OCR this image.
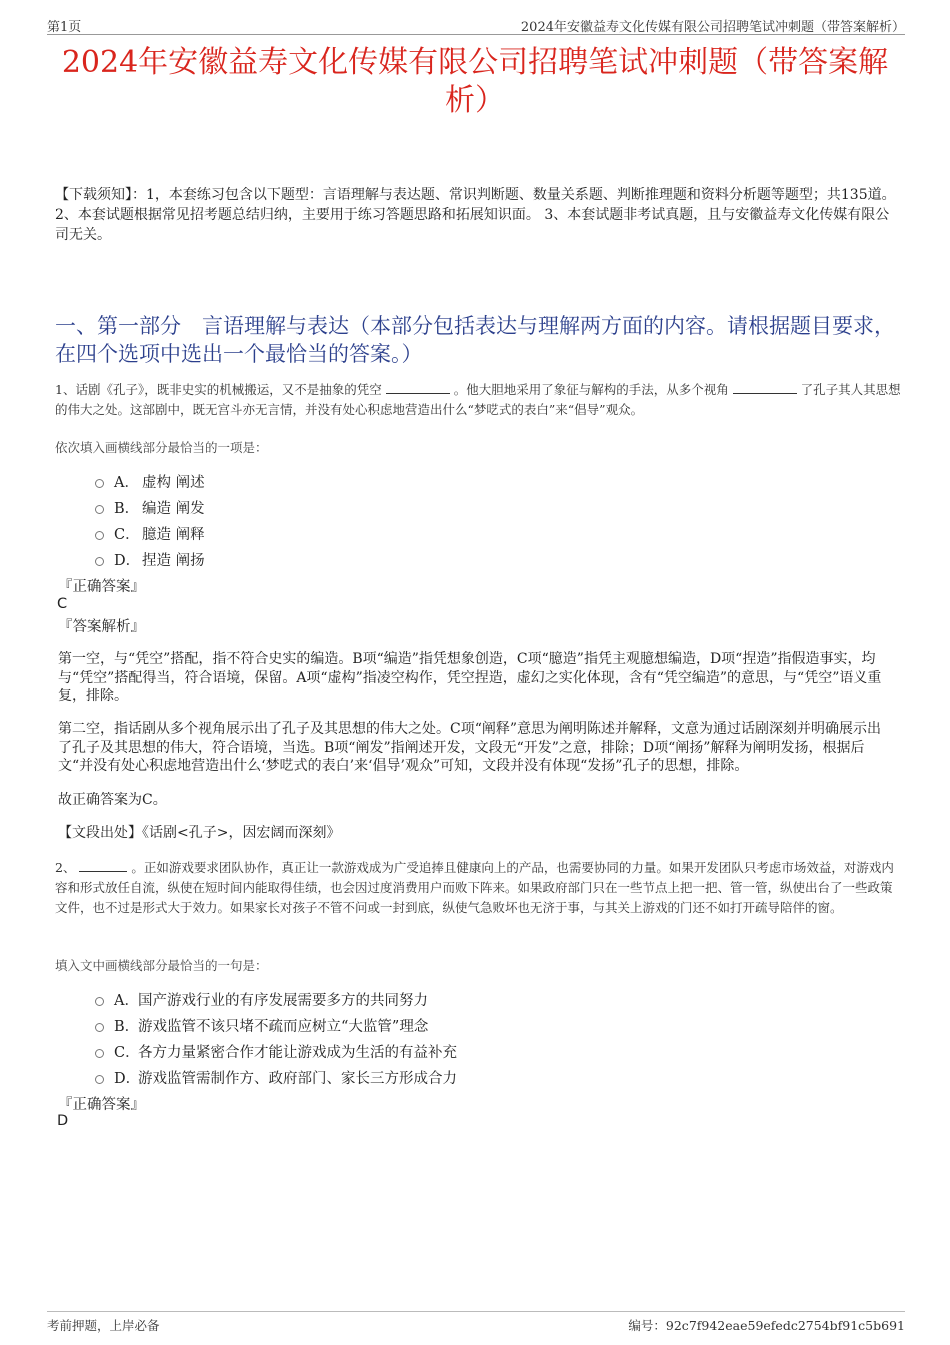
第1页	2024年安徽益寿文化传媒有限公司招聘笔试冲刺题（带答案解析）
2024年安徽益寿文化传媒有限公司招聘笔试冲刺题（带答案解析）
【下载须知】：1，本套练习包含以下题型：言语理解与表达题、常识判断题、数量关系题、判断推理题和资料分析题等题型；共135道。 2、本套试题根据常见招考题总结归纳，主要用于练习答题思路和拓展知识面。 3、本套试题非考试真题，且与安徽益寿文化传媒有限公司无关。
一、第一部分　言语理解与表达（本部分包括表达与理解两方面的内容。请根据题目要求，在四个选项中选出一个最恰当的答案。）
1、话剧《孔子》，既非史实的机械搬运，又不是抽象的凭空	。他大胆地采用了象征与解构的手法，从多个视角	了孔子其人其思想的伟大之处。这部剧中，既无宫斗亦无言情，并没有处心积虑地营造出什么“梦呓式的表白”来“倡导”观众。
依次填入画横线部分最恰当的一项是：
A． 虚构 阐述
B． 编造 阐发
C． 臆造 阐释
D． 捏造 阐扬
『正确答案』
C
『答案解析』
第一空，与“凭空”搭配，指不符合史实的编造。B项“编造”指凭想象创造，C项“臆造”指凭主观臆想编造，D项“捏造”指假造事实，均与“凭空”搭配得当，符合语境，保留。A项“虚构”指凌空构作，凭空捏造，虚幻之实化体现，含有“凭空编造”的意思，与“凭空”语义重复，排除。
第二空，指话剧从多个视角展示出了孔子及其思想的伟大之处。C项“阐释”意思为阐明陈述并解释，文意为通过话剧深刻并明确展示出了孔子及其思想的伟大，符合语境，当选。B项“阐发”指阐述开发，文段无“开发”之意，排除；D项“阐扬”解释为阐明发扬，根据后文“并没有处心积虑地营造出什么‘梦呓式的表白’来‘倡导’观众”可知，文段并没有体现“发扬”孔子的思想，排除。
故正确答案为C。
【文段出处】《话剧<孔子>，因宏阔而深刻》
2、	。正如游戏要求团队协作，真正让一款游戏成为广受追捧且健康向上的产品，也需要协同的力量。如果开发团队只考虑市场效益，对游戏内容和形式放任自流，纵使在短时间内能取得佳绩，也会因过度消费用户而败下阵来。如果政府部门只在一些节点上把一把、管一管，纵使出台了一些政策文件，也不过是形式大于效力。如果家长对孩子不管不问或一封到底，纵使气急败坏也无济于事，与其关上游戏的门还不如打开疏导陪伴的窗。
填入文中画横线部分最恰当的一句是：
A． 国产游戏行业的有序发展需要多方的共同努力
B．
游戏监管不该只堵不疏而应树立“大监管”理念
C．
各方力量紧密合作才能让游戏成为生活的有益补充
D．
游戏监管需制作方、政府部门、家长三方形成合力
『正确答案』
D
考前押题，上岸必备	编号：92c7f942eae59efedc2754bf91c5b691
